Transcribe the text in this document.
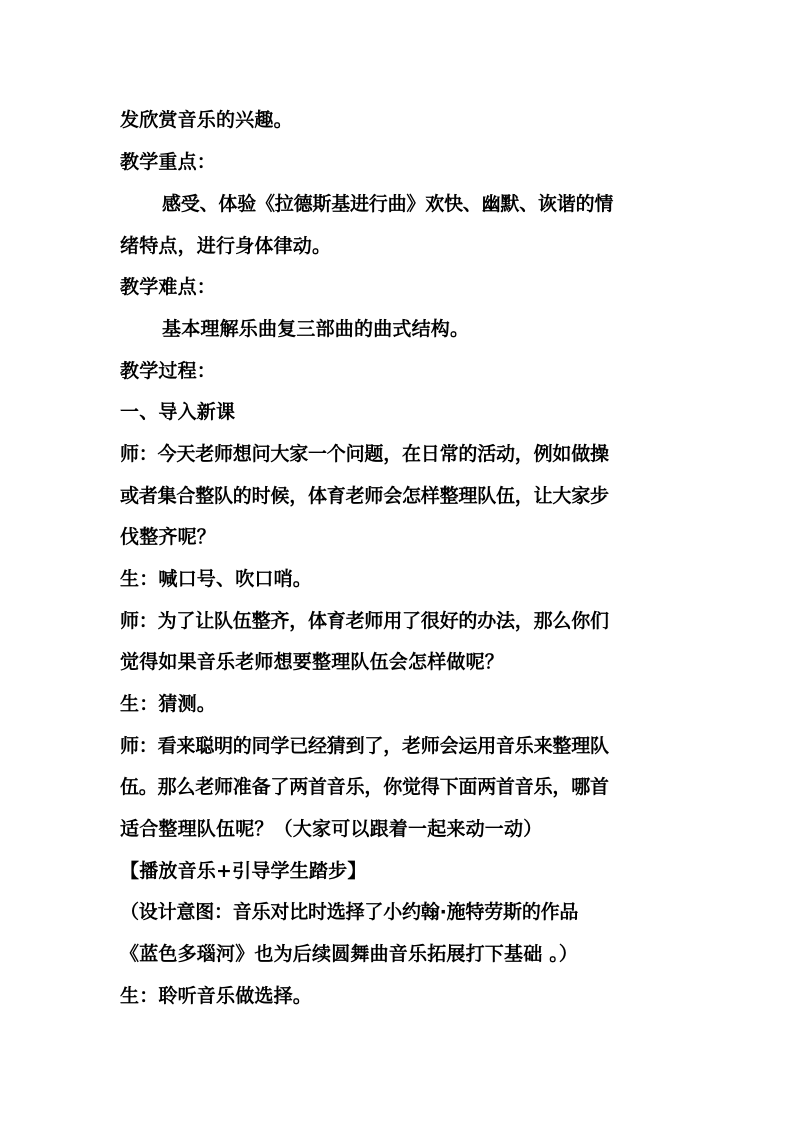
发欣赏音乐的兴趣。
教学重点：
感受、体验《拉德斯基进行曲》欢快、幽默、诙谐的情
绪特点，进行身体律动。
教学难点：
基本理解乐曲复三部曲的曲式结构。
教学过程：
一、导入新课
师：今天老师想问大家一个问题，在日常的活动，例如做操
或者集合整队的时候，体育老师会怎样整理队伍，让大家步
伐整齐呢？
生：喊口号、吹口哨。
师：为了让队伍整齐，体育老师用了很好的办法，那么你们
觉得如果音乐老师想要整理队伍会怎样做呢？
生：猜测。
师：看来聪明的同学已经猜到了，老师会运用音乐来整理队
伍。那么老师准备了两首音乐，你觉得下面两首音乐，哪首
适合整理队伍呢？（大家可以跟着一起来动一动）
【播放音乐+引导学生踏步】
（设计意图：音乐对比时选择了小约翰·施特劳斯的作品
《蓝色多瑙河》也为后续圆舞曲音乐拓展打下基础 。）
生：聆听音乐做选择。
